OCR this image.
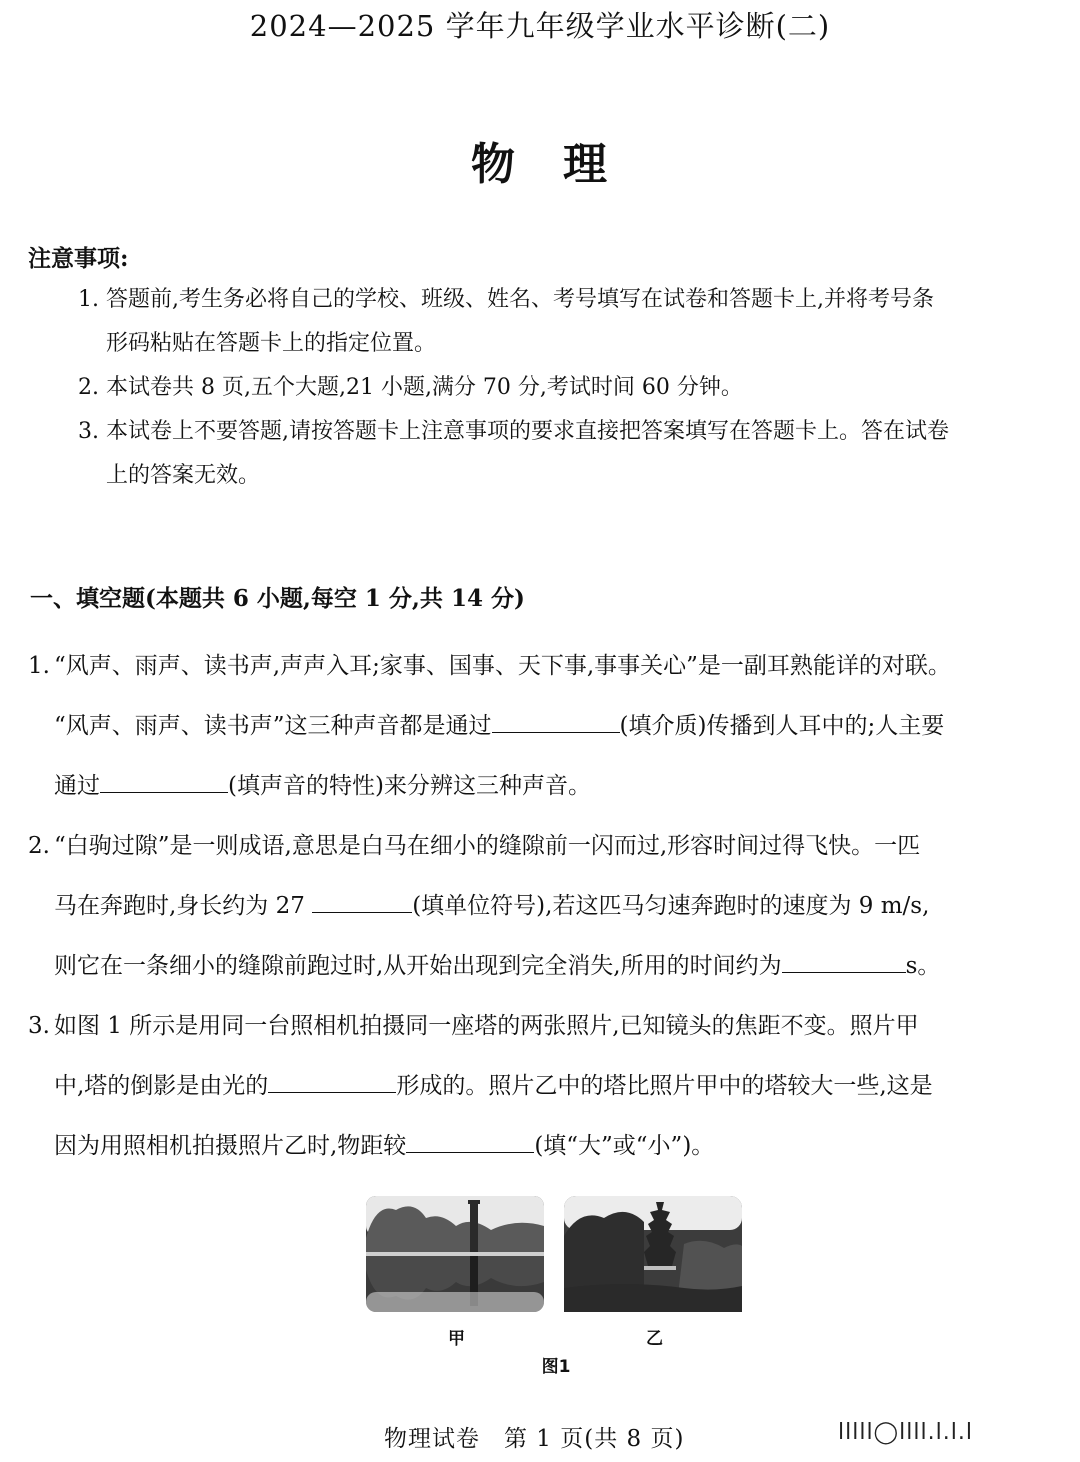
2024—2025 学年九年级学业水平诊断(二)
物　理
注意事项:

1. 答题前,考生务必将自己的学校、班级、姓名、考号填写在试卷和答题卡上,并将考号条
形码粘贴在答题卡上的指定位置。

2. 本试卷共 8 页,五个大题,21 小题,满分 70 分,考试时间 60 分钟。

3. 本试卷上不要答题,请按答题卡上注意事项的要求直接把答案填写在答题卡上。答在试卷
上的答案无效。

一、填空题(本题共 6 小题,每空 1 分,共 14 分)
1. “风声、雨声、读书声,声声入耳;家事、国事、天下事,事事关心”是一副耳熟能详的对联。
“风声、雨声、读书声”这三种声音都是通过	(填介质)传播到人耳中的;人主要
通过	(填声音的特性)来分辨这三种声音。
2. “白驹过隙”是一则成语,意思是白马在细小的缝隙前一闪而过,形容时间过得飞快。一匹
马在奔跑时,身长约为 27	(填单位符号),若这匹马匀速奔跑时的速度为 9 m/s,
则它在一条细小的缝隙前跑过时,从开始出现到完全消失,所用的时间约为	s。
3. 如图 1 所示是用同一台照相机拍摄同一座塔的两张照片,已知镜头的焦距不变。照片甲
中,塔的倒影是由光的	形成的。照片乙中的塔比照片甲中的塔较大一些,这是
因为用照相机拍摄照片乙时,物距较	(填“大”或“小”)。
甲	乙
图1
物理试卷　第 1 页(共 8 页)	lllll◯llll.l.l.l
